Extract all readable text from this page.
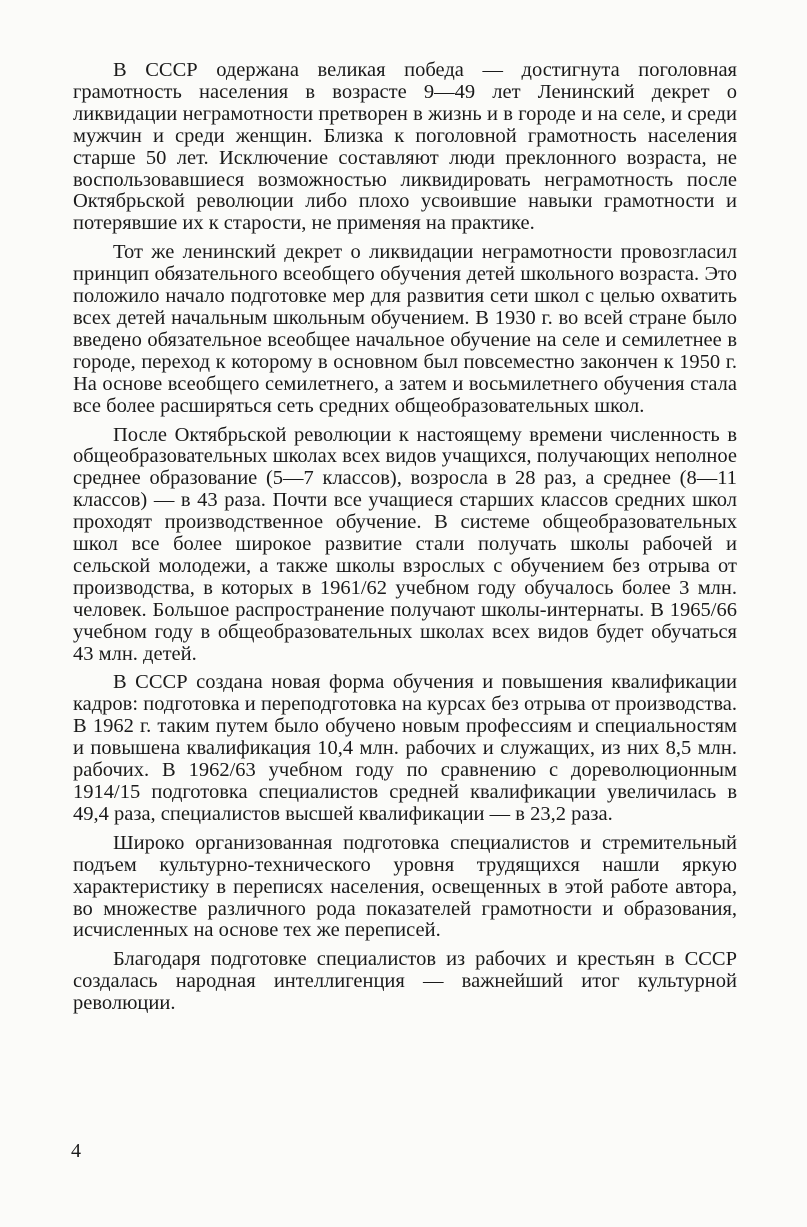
В СССР одержана великая победа — достигнута поголовная грамотность населения в возрасте 9—49 лет Ленинский декрет о ликвидации неграмотности претворен в жизнь и в городе и на селе, и среди мужчин и среди женщин. Близка к поголовной грамотность населения старше 50 лет. Исключение составляют люди преклонного возраста, не воспользовавшиеся возможностью ликвидировать неграмотность после Октябрьской революции либо плохо усвоившие навыки грамотности и потерявшие их к старости, не применяя на практике.

Тот же ленинский декрет о ликвидации неграмотности провозгласил принцип обязательного всеобщего обучения детей школьного возраста. Это положило начало подготовке мер для развития сети школ с целью охватить всех детей начальным школьным обучением. В 1930 г. во всей стране было введено обязательное всеобщее начальное обучение на селе и семилетнее в городе, переход к которому в основном был повсеместно закончен к 1950 г. На основе всеобщего семилетнего, а затем и восьмилетнего обучения стала все более расширяться сеть средних общеобразовательных школ.

После Октябрьской революции к настоящему времени численность в общеобразовательных школах всех видов учащихся, получающих неполное среднее образование (5—7 классов), возросла в 28 раз, а среднее (8—11 классов) — в 43 раза. Почти все учащиеся старших классов средних школ проходят производственное обучение. В системе общеобразовательных школ все более широкое развитие стали получать школы рабочей и сельской молодежи, а также школы взрослых с обучением без отрыва от производства, в которых в 1961/62 учебном году обучалось более 3 млн. человек. Большое распространение получают школы-интернаты. В 1965/66 учебном году в общеобразовательных школах всех видов будет обучаться 43 млн. детей.

В СССР создана новая форма обучения и повышения квалификации кадров: подготовка и переподготовка на курсах без отрыва от производства. В 1962 г. таким путем было обучено новым профессиям и специальностям и повышена квалификация 10,4 млн. рабочих и служащих, из них 8,5 млн. рабочих. В 1962/63 учебном году по сравнению с дореволюционным 1914/15 подготовка специалистов средней квалификации увеличилась в 49,4 раза, специалистов высшей квалификации — в 23,2 раза.

Широко организованная подготовка специалистов и стремительный подъем культурно-технического уровня трудящихся нашли яркую характеристику в переписях населения, освещенных в этой работе автора, во множестве различного рода показателей грамотности и образования, исчисленных на основе тех же переписей.

Благодаря подготовке специалистов из рабочих и крестьян в СССР создалась народная интеллигенция — важнейший итог культурной революции.

4
